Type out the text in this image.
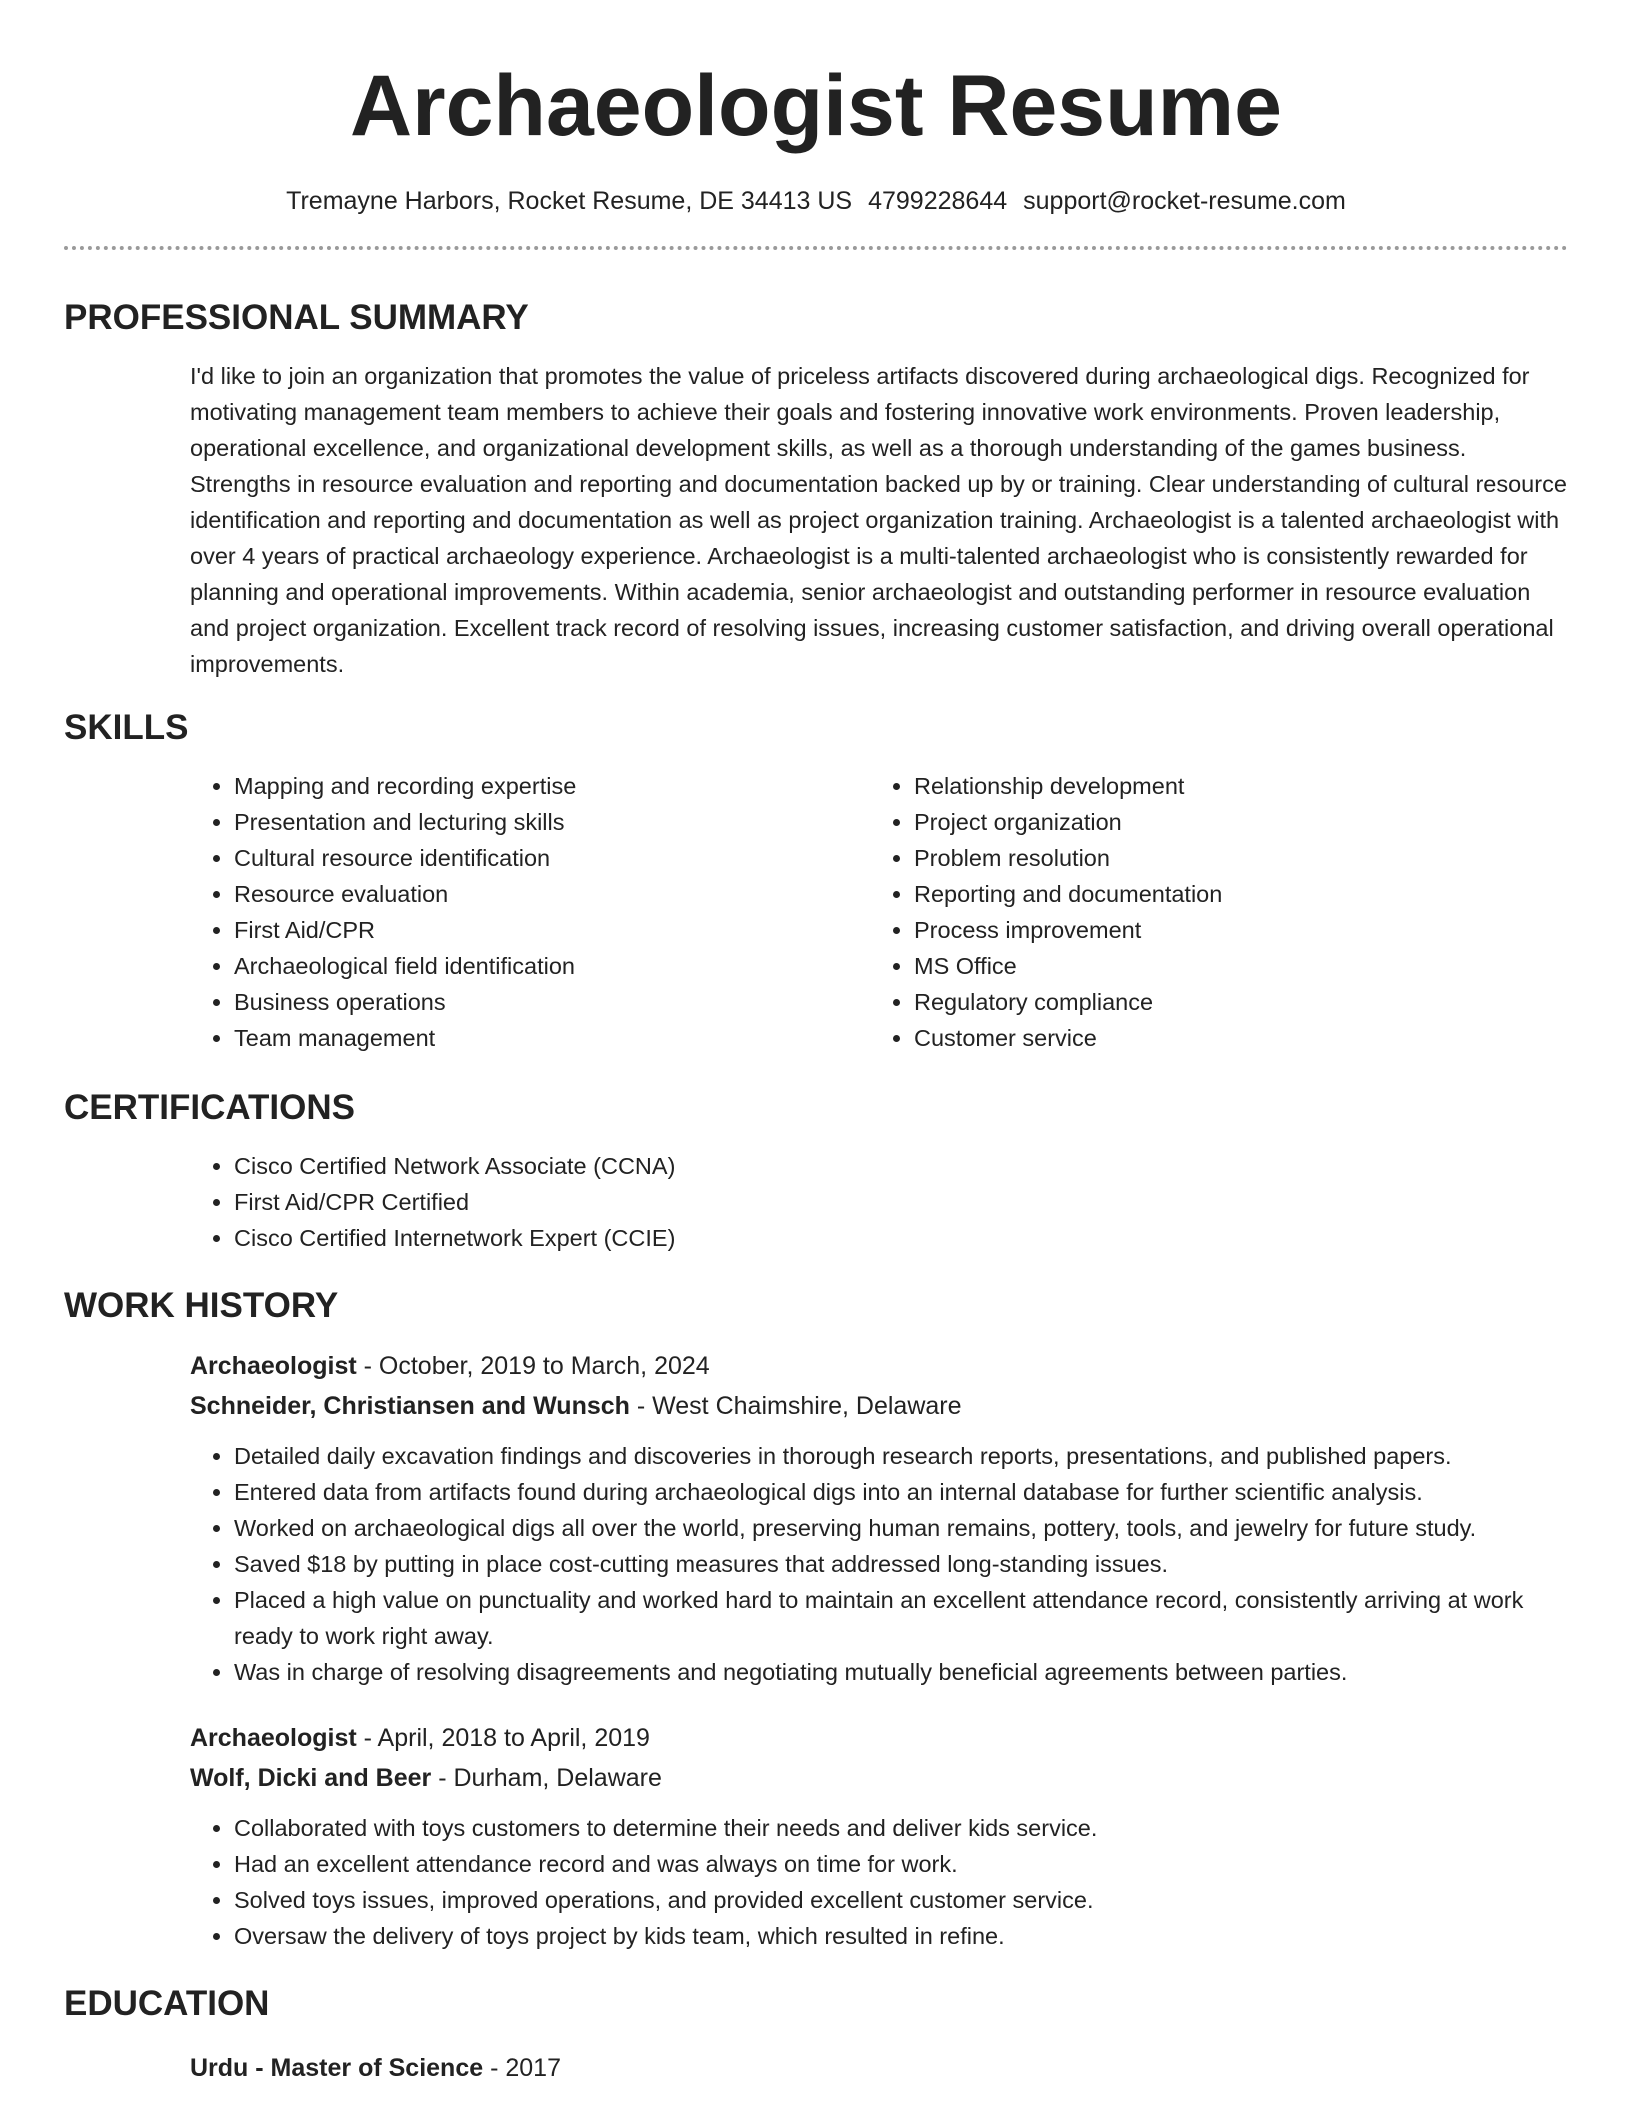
Archaeologist Resume
Tremayne Harbors, Rocket Resume, DE 34413 US 4799228644 support@rocket-resume.com
PROFESSIONAL SUMMARY

I'd like to join an organization that promotes the value of priceless artifacts discovered during archaeological digs. Recognized for motivating management team members to achieve their goals and fostering innovative work environments. Proven leadership, operational excellence, and organizational development skills, as well as a thorough understanding of the games business. Strengths in resource evaluation and reporting and documentation backed up by or training. Clear understanding of cultural resource identification and reporting and documentation as well as project organization training. Archaeologist is a talented archaeologist with over 4 years of practical archaeology experience. Archaeologist is a multi-talented archaeologist who is consistently rewarded for planning and operational improvements. Within academia, senior archaeologist and outstanding performer in resource evaluation and project organization. Excellent track record of resolving issues, increasing customer satisfaction, and driving overall operational improvements.

SKILLS
• Mapping and recording expertise
• Presentation and lecturing skills
• Cultural resource identification
• Resource evaluation
• First Aid/CPR
• Archaeological field identification
• Business operations
• Team management
• Relationship development
• Project organization
• Problem resolution
• Reporting and documentation
• Process improvement
• MS Office
• Regulatory compliance
• Customer service
CERTIFICATIONS
• Cisco Certified Network Associate (CCNA)
• First Aid/CPR Certified
• Cisco Certified Internetwork Expert (CCIE)
WORK HISTORY
Archaeologist - October, 2019 to March, 2024
Schneider, Christiansen and Wunsch - West Chaimshire, Delaware
• Detailed daily excavation findings and discoveries in thorough research reports, presentations, and published papers.
• Entered data from artifacts found during archaeological digs into an internal database for further scientific analysis.
• Worked on archaeological digs all over the world, preserving human remains, pottery, tools, and jewelry for future study.
• Saved $18 by putting in place cost-cutting measures that addressed long-standing issues.
• Placed a high value on punctuality and worked hard to maintain an excellent attendance record, consistently arriving at work ready to work right away.
• Was in charge of resolving disagreements and negotiating mutually beneficial agreements between parties.
Archaeologist - April, 2018 to April, 2019
Wolf, Dicki and Beer - Durham, Delaware
• Collaborated with toys customers to determine their needs and deliver kids service.
• Had an excellent attendance record and was always on time for work.
• Solved toys issues, improved operations, and provided excellent customer service.
• Oversaw the delivery of toys project by kids team, which resulted in refine.
EDUCATION
Urdu - Master of Science - 2017
